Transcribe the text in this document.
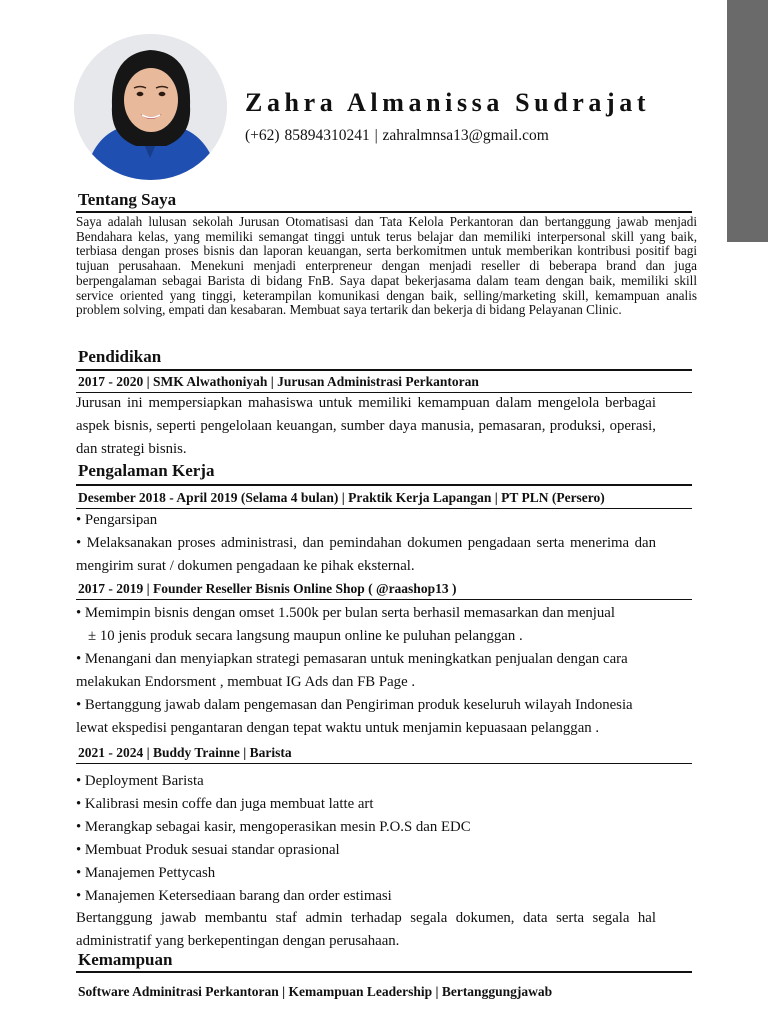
Zahra Almanissa Sudrajat
(+62) 85894310241 | zahralmnsa13@gmail.com
Tentang Saya

Saya adalah lulusan sekolah Jurusan Otomatisasi dan Tata Kelola Perkantoran dan bertanggung jawab menjadi Bendahara kelas, yang memiliki semangat tinggi untuk terus belajar dan memiliki interpersonal skill yang baik, terbiasa dengan proses bisnis dan laporan keuangan, serta berkomitmen untuk memberikan kontribusi positif bagi tujuan perusahaan. Menekuni menjadi enterpreneur dengan menjadi reseller di beberapa brand dan juga berpengalaman sebagai Barista di bidang FnB. Saya dapat bekerjasama dalam team dengan baik, memiliki skill service oriented yang tinggi, keterampilan komunikasi dengan baik, selling/marketing skill, kemampuan analis problem solving, empati dan kesabaran. Membuat saya tertarik dan bekerja di bidang Pelayanan Clinic.

Pendidikan
2017 - 2020 | SMK Alwathoniyah | Jurusan Administrasi Perkantoran

Jurusan ini mempersiapkan mahasiswa untuk memiliki kemampuan dalam mengelola berbagai aspek bisnis, seperti pengelolaan keuangan, sumber daya manusia, pemasaran, produksi, operasi, dan strategi bisnis.

Pengalaman Kerja
Desember 2018 - April 2019 (Selama 4 bulan) | Praktik Kerja Lapangan | PT PLN (Persero)
• Pengarsipan

• Melaksanakan proses administrasi, dan pemindahan dokumen pengadaan serta menerima dan mengirim surat / dokumen pengadaan ke pihak eksternal.

2017 - 2019 | Founder Reseller Bisnis Online Shop ( @raashop13 )
• Memimpin bisnis dengan omset 1.500k per bulan serta berhasil memasarkan dan menjual
± 10 jenis produk secara langsung maupun online ke puluhan pelanggan .
• Menangani dan menyiapkan strategi pemasaran untuk meningkatkan penjualan dengan cara
melakukan Endorsment , membuat IG Ads dan FB Page .
• Bertanggung jawab dalam pengemasan dan Pengiriman produk keseluruh wilayah Indonesia
lewat ekspedisi pengantaran dengan tepat waktu untuk menjamin kepuasaan pelanggan .
2021 - 2024 | Buddy Trainne | Barista
• Deployment Barista
• Kalibrasi mesin coffe dan juga membuat latte art
• Merangkap sebagai kasir, mengoperasikan mesin P.O.S dan EDC
• Membuat Produk sesuai standar oprasional
• Manajemen Pettycash
• Manajemen Ketersediaan barang dan order estimasi

Bertanggung jawab membantu staf admin terhadap segala dokumen, data serta segala hal administratif yang berkepentingan dengan perusahaan.

Kemampuan
Software Adminitrasi Perkantoran | Kemampuan Leadership | Bertanggungjawab
